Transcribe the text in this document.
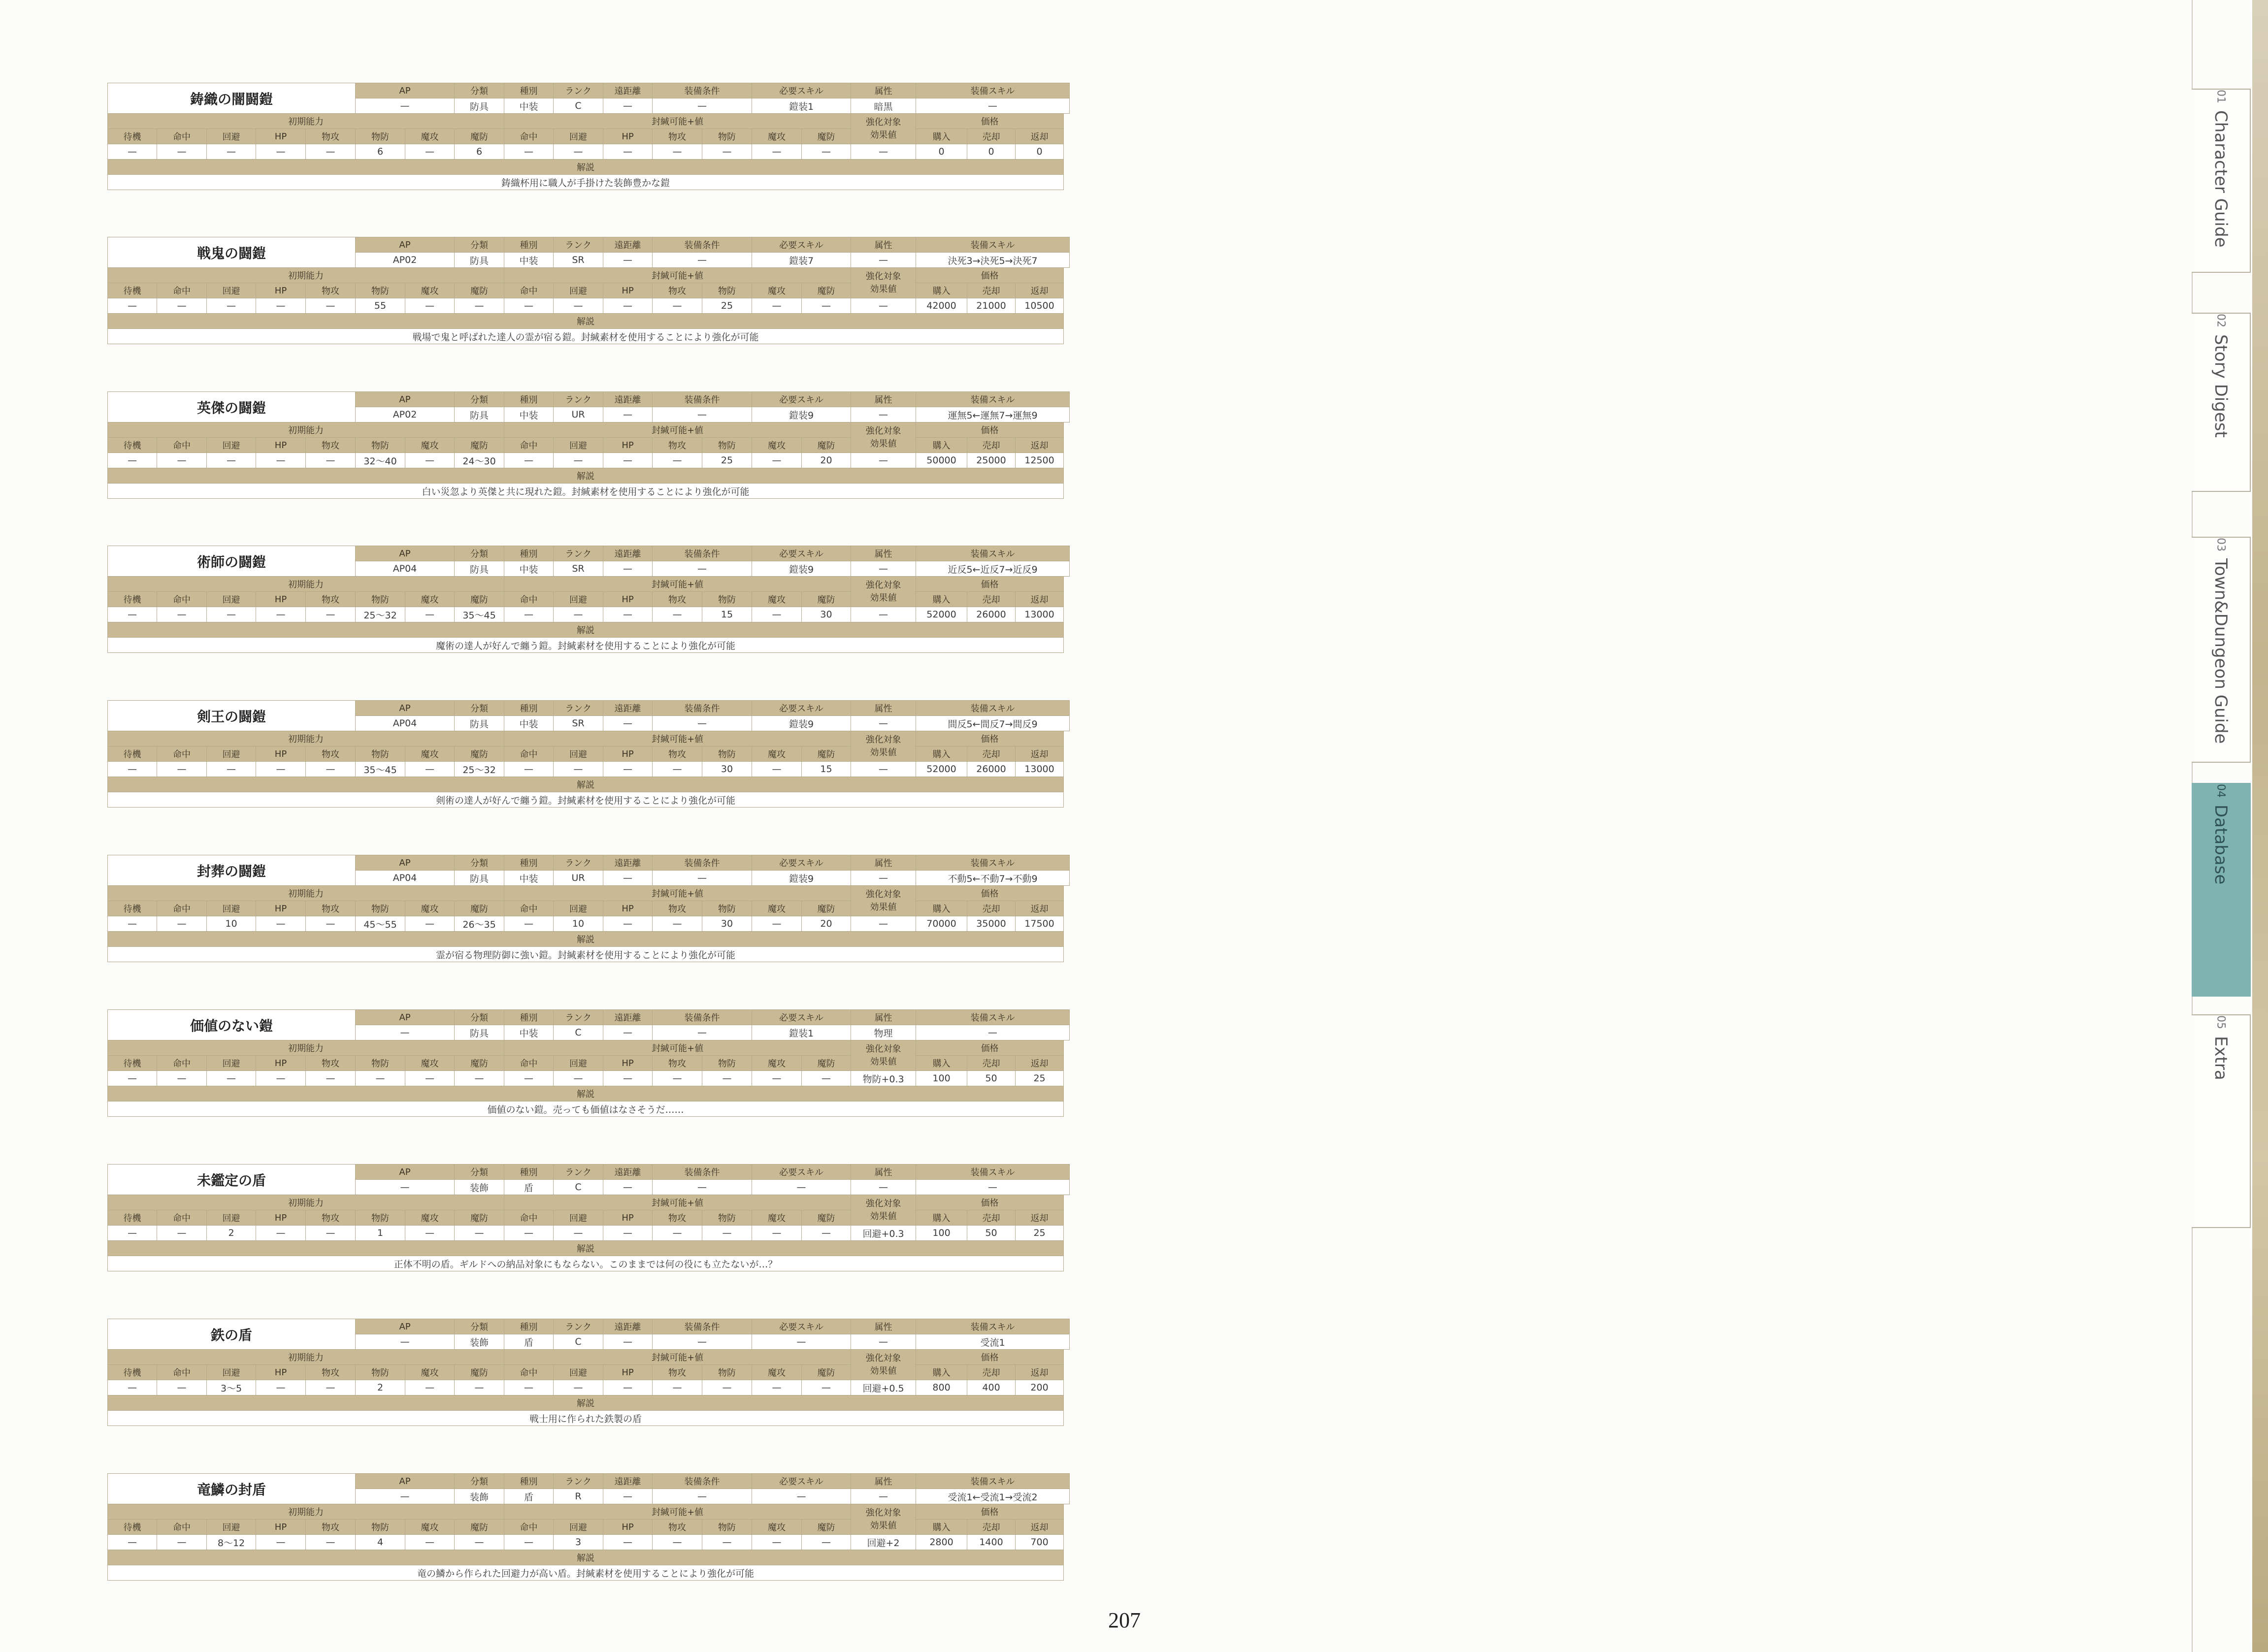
鋳織の闇闘鎧					AP		分類	種別	ランク	遠距離	装備条件		必要スキル		属性	装備スキル		
					—		防具	中装	C	—	—		鎧装1		暗黒	—		
初期能力								封緘可能+値							強化対象
効果値	価格		
待機	命中	回避	HP	物攻	物防	魔攻	魔防	命中	回避	HP	物攻	物防	魔攻	魔防		購入	売却	返却
—	—	—	—	—	6	—	6	—	—	—	—	—	—	—	—	0	0	0
解説																		
鋳織杯用に職人が手掛けた装飾豊かな鎧																		
戦鬼の闘鎧					AP		分類	種別	ランク	遠距離	装備条件		必要スキル		属性	装備スキル		
					AP02		防具	中装	SR	—	—		鎧装7		—	決死3→決死5→決死7		
初期能力								封緘可能+値							強化対象
効果値	価格		
待機	命中	回避	HP	物攻	物防	魔攻	魔防	命中	回避	HP	物攻	物防	魔攻	魔防		購入	売却	返却
—	—	—	—	—	55	—	—	—	—	—	—	25	—	—	—	42000	21000	10500
解説																		
戦場で鬼と呼ばれた達人の霊が宿る鎧。封緘素材を使用することにより強化が可能																		
英傑の闘鎧					AP		分類	種別	ランク	遠距離	装備条件		必要スキル		属性	装備スキル		
					AP02		防具	中装	UR	—	—		鎧装9		—	運無5←運無7→運無9		
初期能力								封緘可能+値							強化対象
効果値	価格		
待機	命中	回避	HP	物攻	物防	魔攻	魔防	命中	回避	HP	物攻	物防	魔攻	魔防		購入	売却	返却
—	—	—	—	—	32～40	—	24～30	—	—	—	—	25	—	20	—	50000	25000	12500
解説																		
白い災忽より英傑と共に現れた鎧。封緘素材を使用することにより強化が可能																		
術師の闘鎧					AP		分類	種別	ランク	遠距離	装備条件		必要スキル		属性	装備スキル		
					AP04		防具	中装	SR	—	—		鎧装9		—	近反5←近反7→近反9		
初期能力								封緘可能+値							強化対象
効果値	価格		
待機	命中	回避	HP	物攻	物防	魔攻	魔防	命中	回避	HP	物攻	物防	魔攻	魔防		購入	売却	返却
—	—	—	—	—	25～32	—	35～45	—	—	—	—	15	—	30	—	52000	26000	13000
解説																		
魔術の達人が好んで纏う鎧。封緘素材を使用することにより強化が可能																		
剣王の闘鎧					AP		分類	種別	ランク	遠距離	装備条件		必要スキル		属性	装備スキル		
					AP04		防具	中装	SR	—	—		鎧装9		—	間反5←間反7→間反9		
初期能力								封緘可能+値							強化対象
効果値	価格		
待機	命中	回避	HP	物攻	物防	魔攻	魔防	命中	回避	HP	物攻	物防	魔攻	魔防		購入	売却	返却
—	—	—	—	—	35～45	—	25～32	—	—	—	—	30	—	15	—	52000	26000	13000
解説																		
剣術の達人が好んで纏う鎧。封緘素材を使用することにより強化が可能																		
封葬の闘鎧					AP		分類	種別	ランク	遠距離	装備条件		必要スキル		属性	装備スキル		
					AP04		防具	中装	UR	—	—		鎧装9		—	不動5←不動7→不動9		
初期能力								封緘可能+値							強化対象
効果値	価格		
待機	命中	回避	HP	物攻	物防	魔攻	魔防	命中	回避	HP	物攻	物防	魔攻	魔防		購入	売却	返却
—	—	10	—	—	45～55	—	26～35	—	10	—	—	30	—	20	—	70000	35000	17500
解説																		
霊が宿る物理防御に強い鎧。封緘素材を使用することにより強化が可能																		
価値のない鎧					AP		分類	種別	ランク	遠距離	装備条件		必要スキル		属性	装備スキル		
					—		防具	中装	C	—	—		鎧装1		物理	—		
初期能力								封緘可能+値							強化対象
効果値	価格		
待機	命中	回避	HP	物攻	物防	魔攻	魔防	命中	回避	HP	物攻	物防	魔攻	魔防		購入	売却	返却
—	—	—	—	—	—	—	—	—	—	—	—	—	—	—	物防+0.3	100	50	25
解説																		
価値のない鎧。売っても価値はなさそうだ……																		
未鑑定の盾					AP		分類	種別	ランク	遠距離	装備条件		必要スキル		属性	装備スキル		
					—		装飾	盾	C	—	—		—		—	—		
初期能力								封緘可能+値							強化対象
効果値	価格		
待機	命中	回避	HP	物攻	物防	魔攻	魔防	命中	回避	HP	物攻	物防	魔攻	魔防		購入	売却	返却
—	—	2	—	—	1	—	—	—	—	—	—	—	—	—	回避+0.3	100	50	25
解説																		
正体不明の盾。ギルドへの納品対象にもならない。このままでは何の役にも立たないが…？																		
鉄の盾					AP		分類	種別	ランク	遠距離	装備条件		必要スキル		属性	装備スキル		
					—		装飾	盾	C	—	—		—		—	受流1		
初期能力								封緘可能+値							強化対象
効果値	価格		
待機	命中	回避	HP	物攻	物防	魔攻	魔防	命中	回避	HP	物攻	物防	魔攻	魔防		購入	売却	返却
—	—	3～5	—	—	2	—	—	—	—	—	—	—	—	—	回避+0.5	800	400	200
解説																		
戦士用に作られた鉄製の盾																		
竜鱗の封盾					AP		分類	種別	ランク	遠距離	装備条件		必要スキル		属性	装備スキル		
					—		装飾	盾	R	—	—		—		—	受流1←受流1→受流2		
初期能力								封緘可能+値							強化対象
効果値	価格		
待機	命中	回避	HP	物攻	物防	魔攻	魔防	命中	回避	HP	物攻	物防	魔攻	魔防		購入	売却	返却
—	—	8～12	—	—	4	—	—	—	3	—	—	—	—	—	回避+2	2800	1400	700
解説																		
竜の鱗から作られた回避力が高い盾。封緘素材を使用することにより強化が可能																		
01
Character Guide
02
Story Digest
03
Town&Dungeon Guide
04
Database
05
Extra
207
